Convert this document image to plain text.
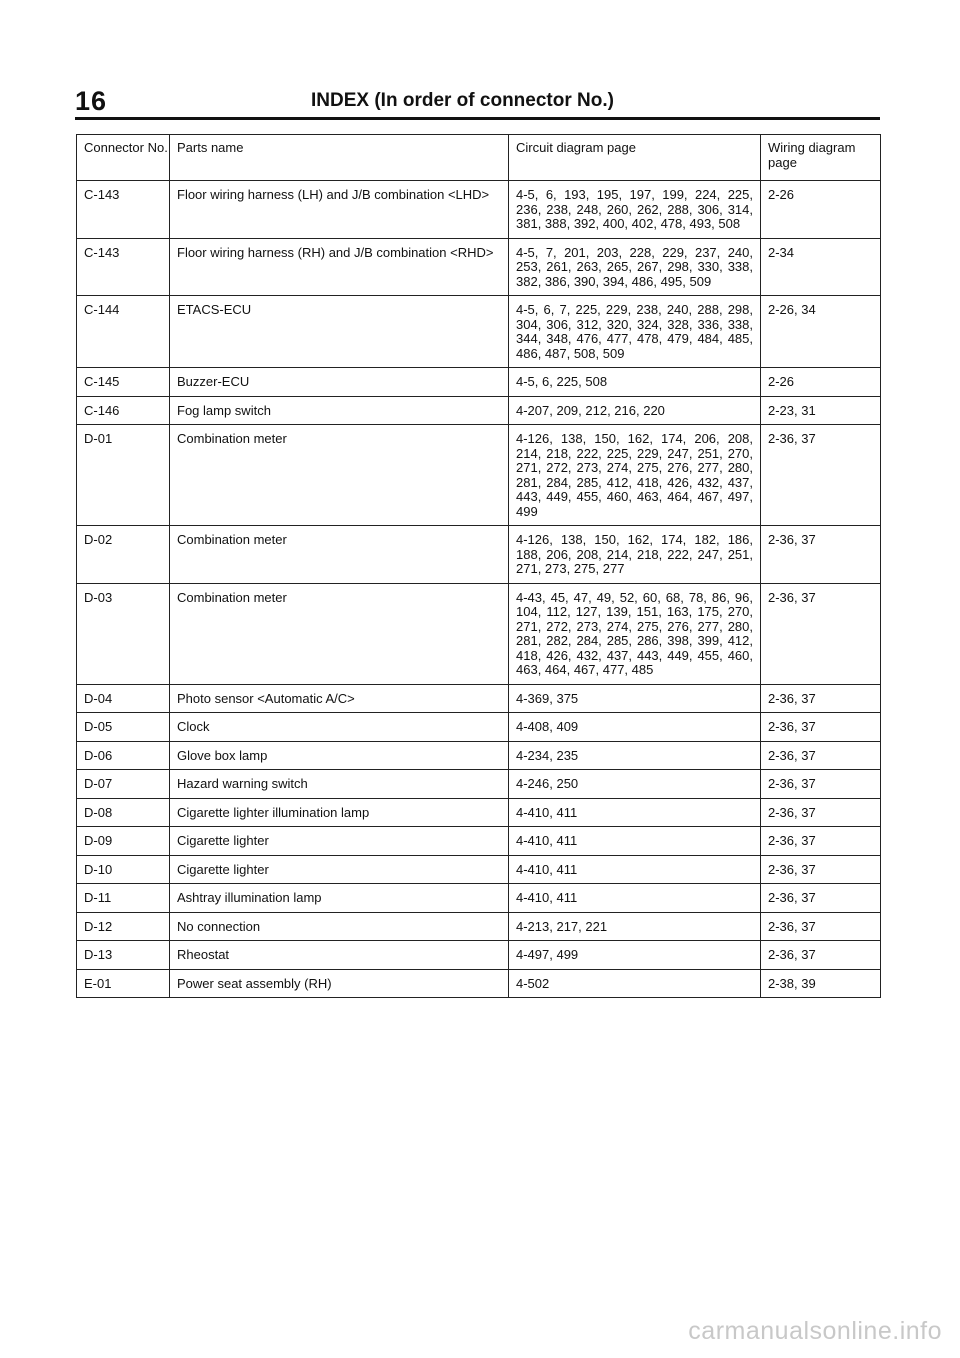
16	INDEX (In order of connector No.)
Connector No.	Parts name	Circuit diagram page	Wiring diagram page
C-143	Floor wiring harness (LH) and J/B combination <LHD>	4-5, 6, 193, 195, 197, 199, 224, 225, 236, 238, 248, 260, 262, 288, 306, 314, 381, 388, 392, 400, 402, 478, 493, 508	2-26
C-143	Floor wiring harness (RH) and J/B combination <RHD>	4-5, 7, 201, 203, 228, 229, 237, 240, 253, 261, 263, 265, 267, 298, 330, 338, 382, 386, 390, 394, 486, 495, 509	2-34
C-144	ETACS-ECU	4-5, 6, 7, 225, 229, 238, 240, 288, 298, 304, 306, 312, 320, 324, 328, 336, 338, 344, 348, 476, 477, 478, 479, 484, 485, 486, 487, 508, 509	2-26, 34
C-145	Buzzer-ECU	4-5, 6, 225, 508	2-26
C-146	Fog lamp switch	4-207, 209, 212, 216, 220	2-23, 31
D-01	Combination meter	4-126, 138, 150, 162, 174, 206, 208, 214, 218, 222, 225, 229, 247, 251, 270, 271, 272, 273, 274, 275, 276, 277, 280, 281, 284, 285, 412, 418, 426, 432, 437, 443, 449, 455, 460, 463, 464, 467, 497, 499	2-36, 37
D-02	Combination meter	4-126, 138, 150, 162, 174, 182, 186, 188, 206, 208, 214, 218, 222, 247, 251, 271, 273, 275, 277	2-36, 37
D-03	Combination meter	4-43, 45, 47, 49, 52, 60, 68, 78, 86, 96, 104, 112, 127, 139, 151, 163, 175, 270, 271, 272, 273, 274, 275, 276, 277, 280, 281, 282, 284, 285, 286, 398, 399, 412, 418, 426, 432, 437, 443, 449, 455, 460, 463, 464, 467, 477, 485	2-36, 37
D-04	Photo sensor <Automatic A/C>	4-369, 375	2-36, 37
D-05	Clock	4-408, 409	2-36, 37
D-06	Glove box lamp	4-234, 235	2-36, 37
D-07	Hazard warning switch	4-246, 250	2-36, 37
D-08	Cigarette lighter illumination lamp	4-410, 411	2-36, 37
D-09	Cigarette lighter	4-410, 411	2-36, 37
D-10	Cigarette lighter	4-410, 411	2-36, 37
D-11	Ashtray illumination lamp	4-410, 411	2-36, 37
D-12	No connection	4-213, 217, 221	2-36, 37
D-13	Rheostat	4-497, 499	2-36, 37
E-01	Power seat assembly (RH)	4-502	2-38, 39
carmanualsonline.info
